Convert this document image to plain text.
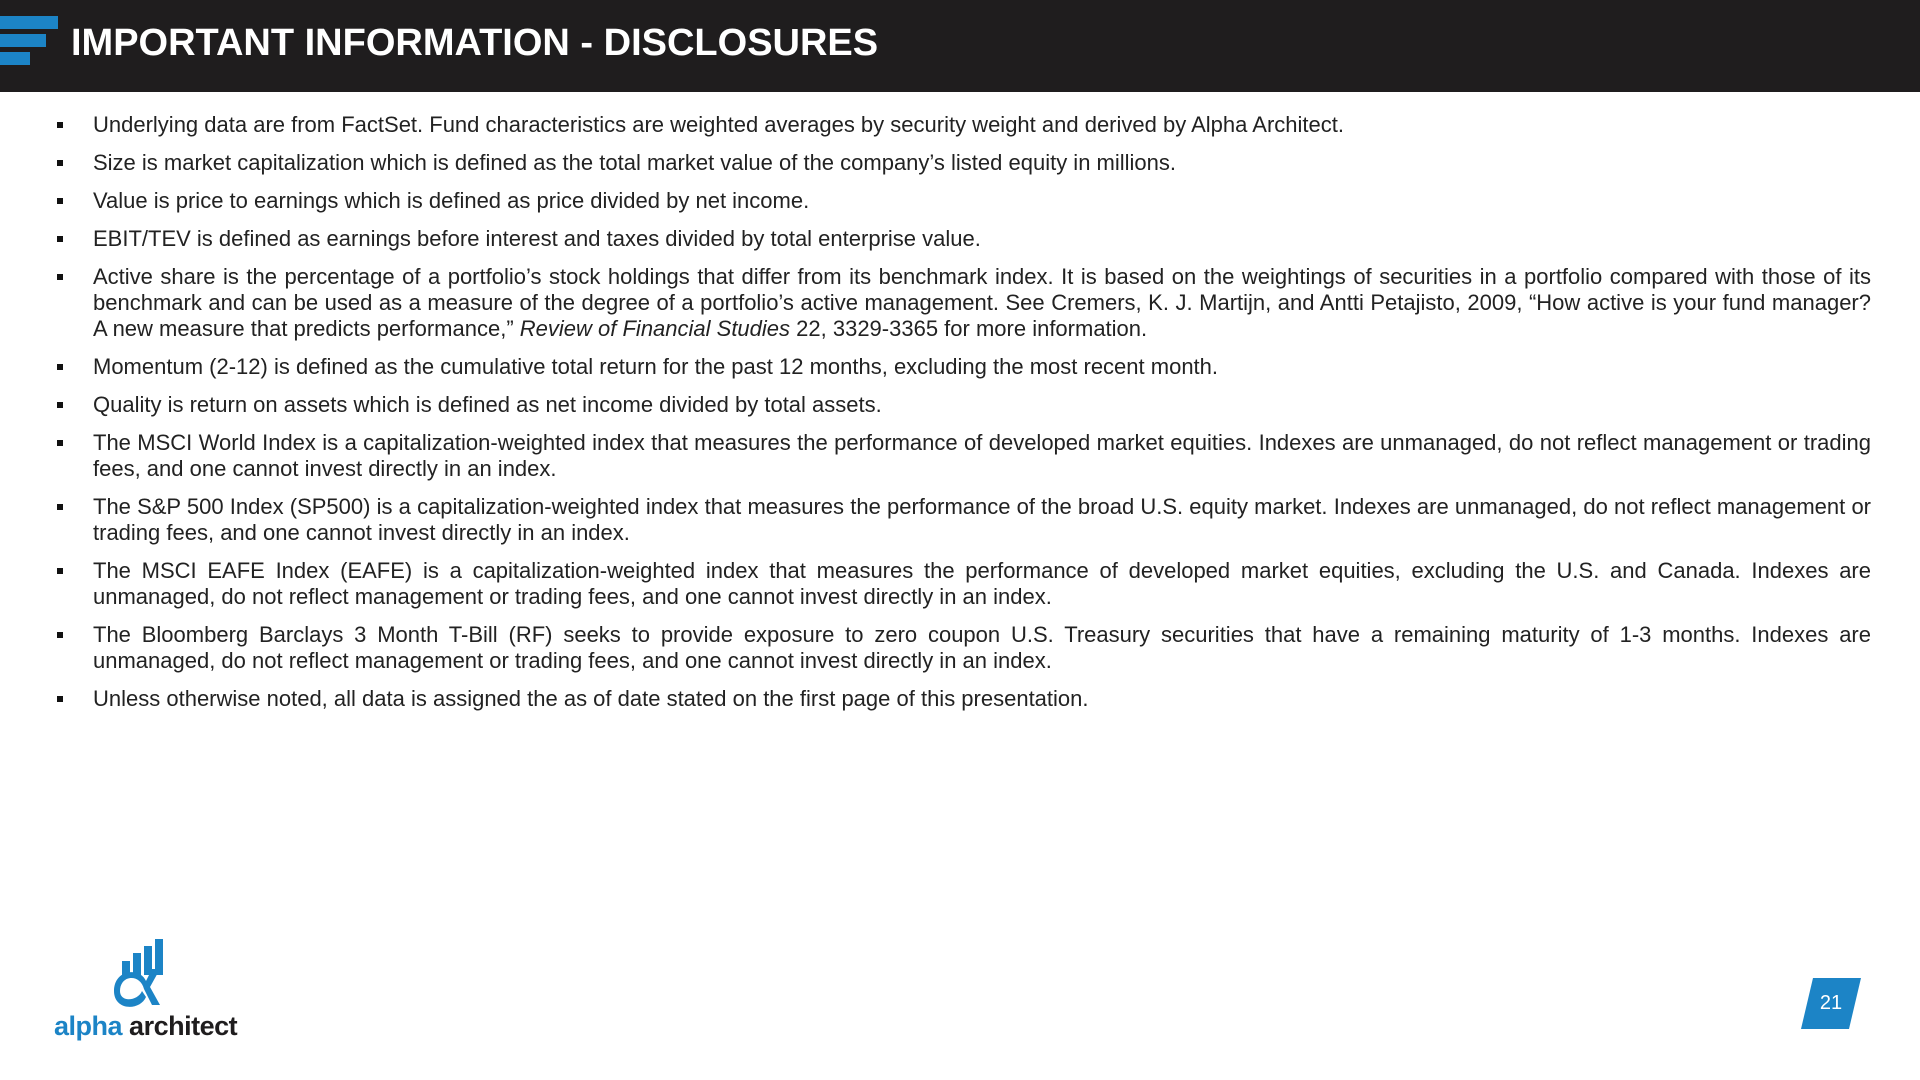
IMPORTANT INFORMATION - DISCLOSURES
Underlying data are from FactSet. Fund characteristics are weighted averages by security weight and derived by Alpha Architect.
Size is market capitalization which is defined as the total market value of the company’s listed equity in millions.
Value is price to earnings which is defined as price divided by net income.
EBIT/TEV is defined as earnings before interest and taxes divided by total enterprise value.
Active share is the percentage of a portfolio’s stock holdings that differ from its benchmark index. It is based on the weightings of securities in a portfolio compared with those of its benchmark and can be used as a measure of the degree of a portfolio’s active management. See Cremers, K. J. Martijn, and Antti Petajisto, 2009, “How active is your fund manager? A new measure that predicts performance,” Review of Financial Studies 22, 3329-3365 for more information.
Momentum (2-12) is defined as the cumulative total return for the past 12 months, excluding the most recent month.
Quality is return on assets which is defined as net income divided by total assets.
The MSCI World Index is a capitalization-weighted index that measures the performance of developed market equities. Indexes are unmanaged, do not reflect management or trading fees, and one cannot invest directly in an index.
The S&P 500 Index (SP500) is a capitalization-weighted index that measures the performance of the broad U.S. equity market. Indexes are unmanaged, do not reflect management or trading fees, and one cannot invest directly in an index.
The MSCI EAFE Index (EAFE) is a capitalization-weighted index that measures the performance of developed market equities, excluding the U.S. and Canada. Indexes are unmanaged, do not reflect management or trading fees, and one cannot invest directly in an index.
The Bloomberg Barclays 3 Month T-Bill (RF) seeks to provide exposure to zero coupon U.S. Treasury securities that have a remaining maturity of 1-3 months. Indexes are unmanaged, do not reflect management or trading fees, and one cannot invest directly in an index.
Unless otherwise noted, all data is assigned the as of date stated on the first page of this presentation.
alpha architect
21
